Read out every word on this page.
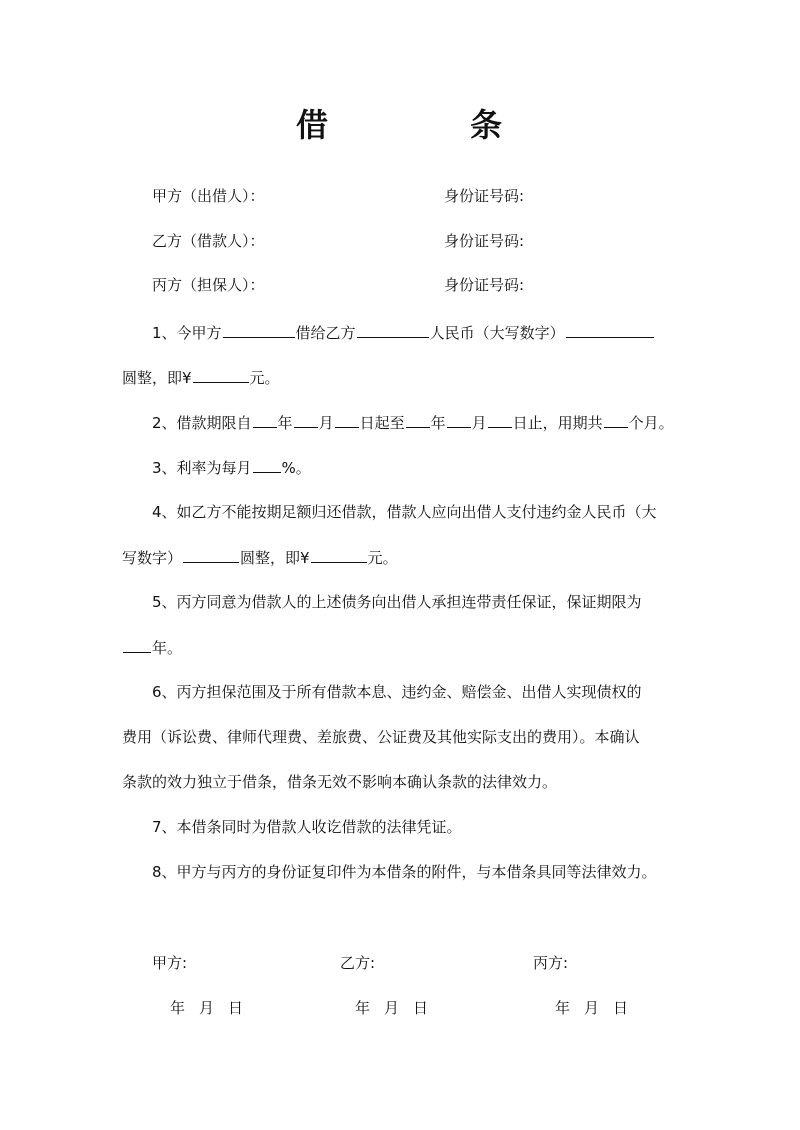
借	条
甲方（出借人）：	身份证号码:
乙方（借款人）：	身份证号码:
丙方（担保人）：	身份证号码:
1、今甲方	借给乙方	人民币（大写数字）
圆整，即¥	元。
2、借款期限自 年 月 日起至 年 月 日止，用期共 个月。
3、利率为每月 %。
4、如乙方不能按期足额归还借款，借款人应向出借人支付违约金人民币（大
写数字）	圆整，即¥	元。
5、丙方同意为借款人的上述债务向出借人承担连带责任保证，保证期限为
年。
6、丙方担保范围及于所有借款本息、违约金、赔偿金、出借人实现债权的
费用（诉讼费、律师代理费、差旅费、公证费及其他实际支出的费用）。本确认
条款的效力独立于借条，借条无效不影响本确认条款的法律效力。
7、本借条同时为借款人收讫借款的法律凭证。
8、甲方与丙方的身份证复印件为本借条的附件，与本借条具同等法律效力。
甲方:	乙方:	丙方:
年 月 日	年 月 日	年 月 日
